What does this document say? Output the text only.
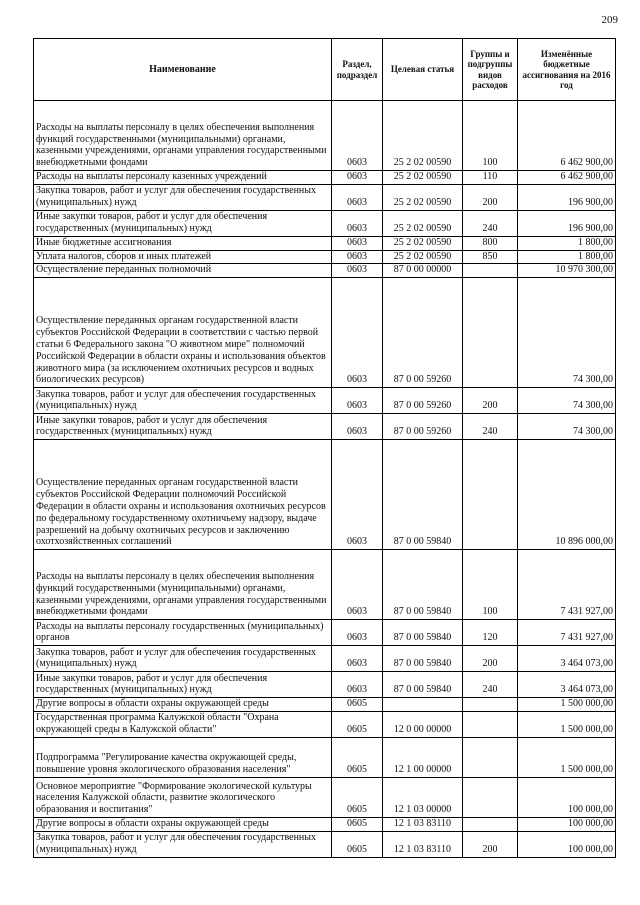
209
Наименование	Раздел, подраздел	Целевая статья	Группы и подгруппы видов расходов	Изменённые бюджетные ассигнования на 2016 год
Расходы на выплаты персоналу в целях обеспечения выполнения функций государственными (муниципальными) органами, казенными учреждениями, органами управления государственными внебюджетными фондами	0603	25 2 02 00590	100	6 462 900,00
Расходы на выплаты персоналу казенных учреждений	0603	25 2 02 00590	110	6 462 900,00
Закупка товаров, работ и услуг для обеспечения государственных (муниципальных) нужд	0603	25 2 02 00590	200	196 900,00
Иные закупки товаров, работ и услуг для обеспечения государственных (муниципальных) нужд	0603	25 2 02 00590	240	196 900,00
Иные бюджетные ассигнования	0603	25 2 02 00590	800	1 800,00
Уплата налогов, сборов и иных платежей	0603	25 2 02 00590	850	1 800,00
Осуществление переданных полномочий	0603	87 0 00 00000		10 970 300,00
Осуществление переданных органам государственной власти субъектов Российской Федерации в соответствии с частью первой статьи 6 Федерального закона "О животном мире" полномочий Российской Федерации в области охраны и использования объектов животного мира (за исключением охотничьих ресурсов и водных биологических ресурсов)	0603	87 0 00 59260		74 300,00
Закупка товаров, работ и услуг для обеспечения государственных (муниципальных) нужд	0603	87 0 00 59260	200	74 300,00
Иные закупки товаров, работ и услуг для обеспечения государственных (муниципальных) нужд	0603	87 0 00 59260	240	74 300,00
Осуществление переданных органам государственной власти субъектов Российской Федерации полномочий Российской Федерации в области охраны и использования охотничьих ресурсов по федеральному государственному охотничьему надзору, выдаче разрешений на добычу охотничьих ресурсов и заключению охотхозяйственных соглашений	0603	87 0 00 59840		10 896 000,00
Расходы на выплаты персоналу в целях обеспечения выполнения функций государственными (муниципальными) органами, казенными учреждениями, органами управления государственными внебюджетными фондами	0603	87 0 00 59840	100	7 431 927,00
Расходы на выплаты персоналу государственных (муниципальных) органов	0603	87 0 00 59840	120	7 431 927,00
Закупка товаров, работ и услуг для обеспечения государственных (муниципальных) нужд	0603	87 0 00 59840	200	3 464 073,00
Иные закупки товаров, работ и услуг для обеспечения государственных (муниципальных) нужд	0603	87 0 00 59840	240	3 464 073,00
Другие вопросы в области охраны окружающей среды	0605			1 500 000,00
Государственная программа Калужской области "Охрана окружающей среды в Калужской области"	0605	12 0 00 00000		1 500 000,00
Подпрограмма "Регулирование качества окружающей среды, повышение уровня экологического образования населения"	0605	12 1 00 00000		1 500 000,00
Основное мероприятие "Формирование экологической культуры населения Калужской области, развитие экологического образования и воспитания"	0605	12 1 03 00000		100 000,00
Другие вопросы в области охраны окружающей среды	0605	12 1 03 83110		100 000,00
Закупка товаров, работ и услуг для обеспечения государственных (муниципальных) нужд	0605	12 1 03 83110	200	100 000,00
